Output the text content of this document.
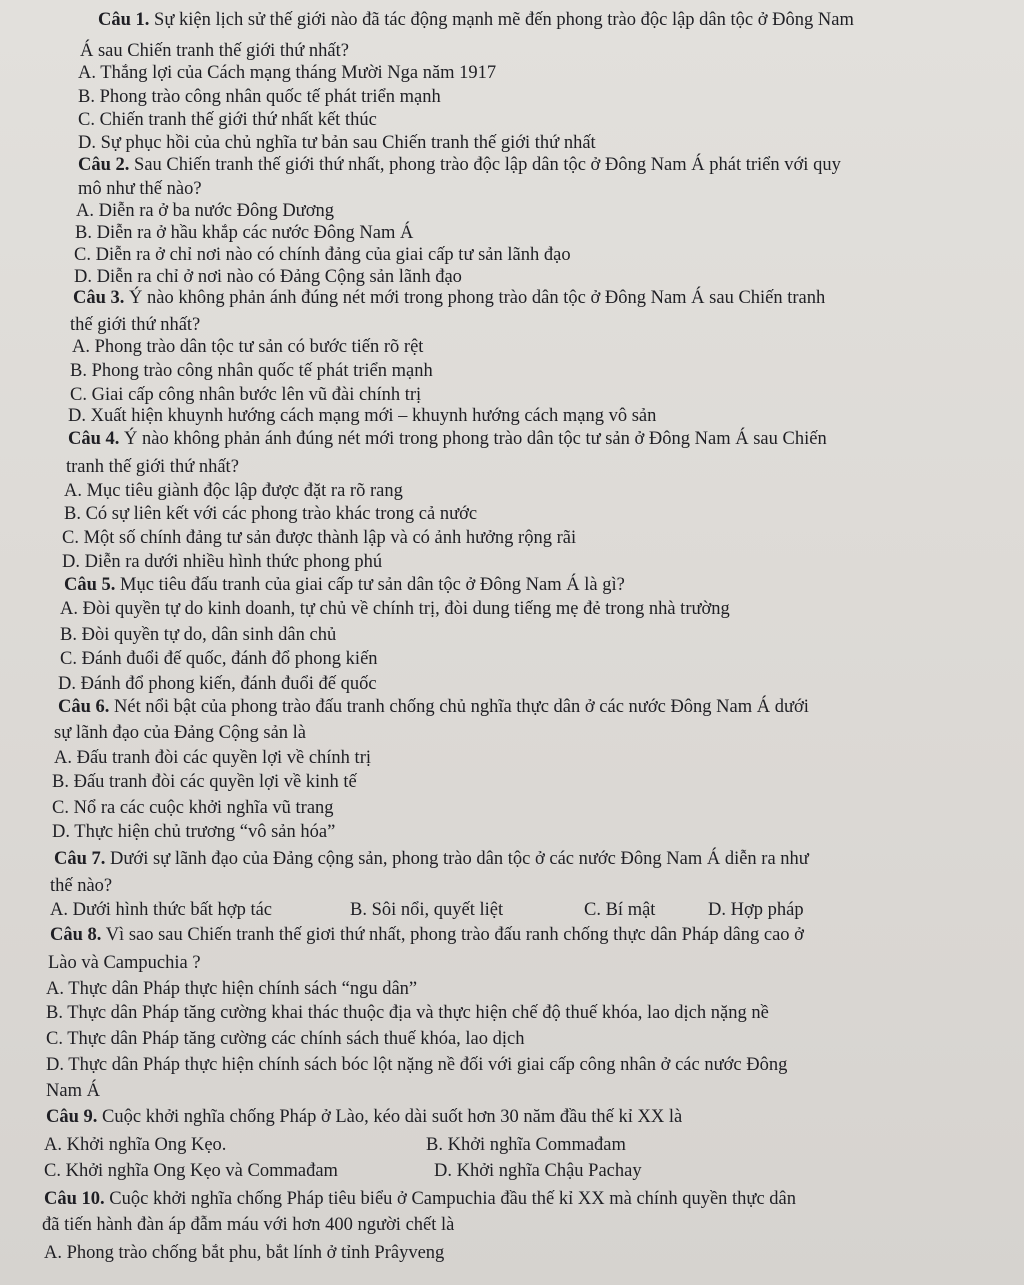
Câu 1. Sự kiện lịch sử thế giới nào đã tác động mạnh mẽ đến phong trào độc lập dân tộc ở Đông Nam
Á sau Chiến tranh thế giới thứ nhất?
A. Thắng lợi của Cách mạng tháng Mười Nga năm 1917
B. Phong trào công nhân quốc tế phát triển mạnh
C. Chiến tranh thế giới thứ nhất kết thúc
D. Sự phục hồi của chủ nghĩa tư bản sau Chiến tranh thế giới thứ nhất
Câu 2. Sau Chiến tranh thế giới thứ nhất, phong trào độc lập dân tộc ở Đông Nam Á phát triển với quy
mô như thế nào?
A. Diễn ra ở ba nước Đông Dương
B. Diễn ra ở hầu khắp các nước Đông Nam Á
C. Diễn ra ở chỉ nơi nào có chính đảng của giai cấp tư sản lãnh đạo
D. Diễn ra chỉ ở nơi nào có Đảng Cộng sản lãnh đạo
Câu 3. Ý nào không phản ánh đúng nét mới trong phong trào dân tộc ở Đông Nam Á sau Chiến tranh
thế giới thứ nhất?
A. Phong trào dân tộc tư sản có bước tiến rõ rệt
B. Phong trào công nhân quốc tế phát triển mạnh
C. Giai cấp công nhân bước lên vũ đài chính trị
D. Xuất hiện khuynh hướng cách mạng mới – khuynh hướng cách mạng vô sản
Câu 4. Ý nào không phản ánh đúng nét mới trong phong trào dân tộc tư sản ở Đông Nam Á sau Chiến
tranh thế giới thứ nhất?
A. Mục tiêu giành độc lập được đặt ra rõ rang
B. Có sự liên kết với các phong trào khác trong cả nước
C. Một số chính đảng tư sản được thành lập và có ảnh hưởng rộng rãi
D. Diễn ra dưới nhiều hình thức phong phú
Câu 5. Mục tiêu đấu tranh của giai cấp tư sản dân tộc ở Đông Nam Á là gì?
A. Đòi quyền tự do kinh doanh, tự chủ về chính trị, đòi dung tiếng mẹ đẻ trong nhà trường
B. Đòi quyền tự do, dân sinh dân chủ
C. Đánh đuổi đế quốc, đánh đổ phong kiến
D. Đánh đổ phong kiến, đánh đuổi đế quốc
Câu 6. Nét nổi bật của phong trào đấu tranh chống chủ nghĩa thực dân ở các nước Đông Nam Á dưới
sự lãnh đạo của Đảng Cộng sản là
A. Đấu tranh đòi các quyền lợi về chính trị
B. Đấu tranh đòi các quyền lợi về kinh tế
C. Nổ ra các cuộc khởi nghĩa vũ trang
D. Thực hiện chủ trương “vô sản hóa”
Câu 7. Dưới sự lãnh đạo của Đảng cộng sản, phong trào dân tộc ở các nước Đông Nam Á diễn ra như
thế nào?
A. Dưới hình thức bất hợp tác	B. Sôi nổi, quyết liệt	C. Bí mật	D. Hợp pháp
Câu 8. Vì sao sau Chiến tranh thế giơi thứ nhất, phong trào đấu ranh chống thực dân Pháp dâng cao ở
Lào và Campuchia ?
A. Thực dân Pháp thực hiện chính sách “ngu dân”
B. Thực dân Pháp tăng cường khai thác thuộc địa và thực hiện chế độ thuế khóa, lao dịch nặng nề
C. Thực dân Pháp tăng cường các chính sách thuế khóa, lao dịch
D. Thực dân Pháp thực hiện chính sách bóc lột nặng nề đối với giai cấp công nhân ở các nước Đông
Nam Á
Câu 9. Cuộc khởi nghĩa chống Pháp ở Lào, kéo dài suốt hơn 30 năm đầu thế kỉ XX là
A. Khởi nghĩa Ong Kẹo.	B. Khởi nghĩa Commađam
C. Khởi nghĩa Ong Kẹo và Commađam	D. Khởi nghĩa Chậu Pachay
Câu 10. Cuộc khởi nghĩa chống Pháp tiêu biểu ở Campuchia đầu thế kỉ XX mà chính quyền thực dân
đã tiến hành đàn áp đẫm máu với hơn 400 người chết là
A. Phong trào chống bắt phu, bắt lính ở tỉnh Prâyveng
